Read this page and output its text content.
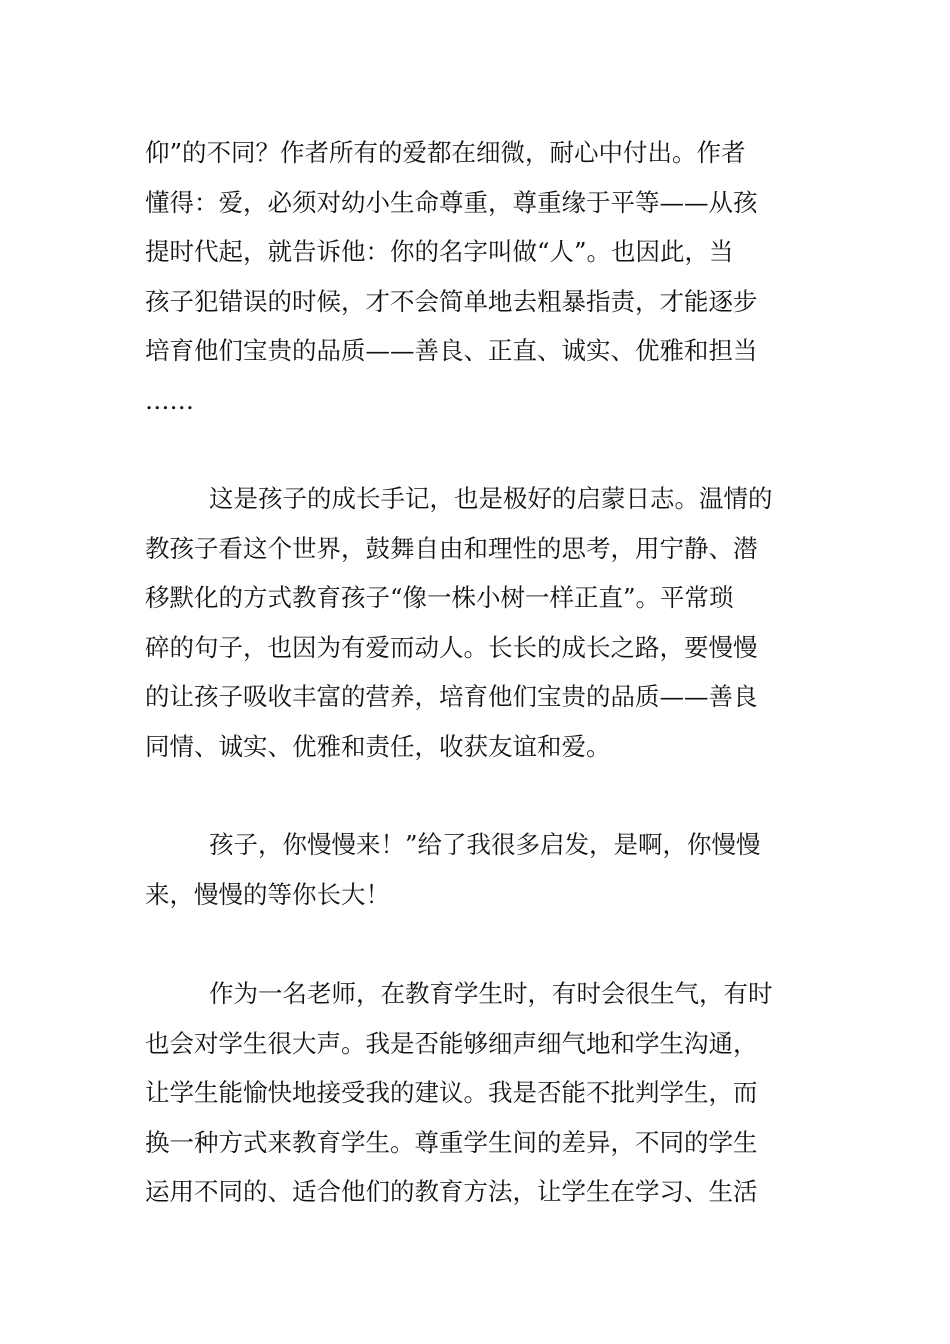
仰”的不同？作者所有的爱都在细微，耐心中付出。作者
懂得：爱，必须对幼小生命尊重，尊重缘于平等——从孩
提时代起，就告诉他：你的名字叫做“人”。也因此，当
孩子犯错误的时候，才不会简单地去粗暴指责，才能逐步
培育他们宝贵的品质——善良、正直、诚实、优雅和担当
……
这是孩子的成长手记，也是极好的启蒙日志。温情的
教孩子看这个世界，鼓舞自由和理性的思考，用宁静、潜
移默化的方式教育孩子“像一株小树一样正直”。平常琐
碎的句子，也因为有爱而动人。长长的成长之路，要慢慢
的让孩子吸收丰富的营养，培育他们宝贵的品质——善良
同情、诚实、优雅和责任，收获友谊和爱。
孩子，你慢慢来！”给了我很多启发，是啊，你慢慢
来，慢慢的等你长大！
作为一名老师，在教育学生时，有时会很生气，有时
也会对学生很大声。我是否能够细声细气地和学生沟通，
让学生能愉快地接受我的建议。我是否能不批判学生，而
换一种方式来教育学生。尊重学生间的差异，不同的学生
运用不同的、适合他们的教育方法，让学生在学习、生活
